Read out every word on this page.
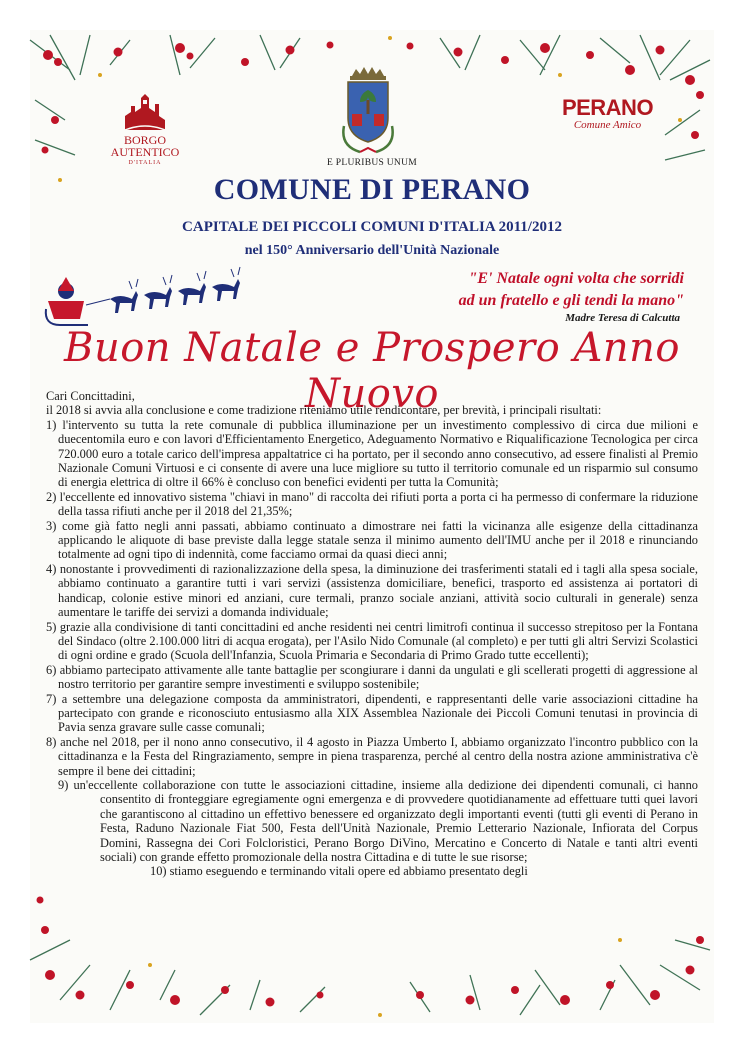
BORGO
AUTENTICO
D'ITALIA	E PLURIBUS UNUM
PERANO
Comune Amico
COMUNE DI PERANO
CAPITALE DEI PICCOLI COMUNI D'ITALIA 2011/2012
nel 150° Anniversario dell'Unità Nazionale
"E' Natale ogni volta che sorridi
ad un fratello e gli tendi la mano"
Madre Teresa di Calcutta
Buon Natale e Prospero Anno Nuovo

Cari Concittadini,

il 2018 si avvia alla conclusione e come tradizione riteniamo utile rendicontare, per brevità, i principali risultati:

1) l'intervento su tutta la rete comunale di pubblica illuminazione per un investimento complessivo di circa due milioni e duecentomila euro e con lavori d'Efficientamento Energetico, Adeguamento Normativo e Riqualificazione Tecnologica per circa 720.000 euro a totale carico dell'impresa appaltatrice ci ha portato, per il secondo anno consecutivo, ad essere finalisti al Premio Nazionale Comuni Virtuosi e ci consente di avere una luce migliore su tutto il territorio comunale ed un risparmio sul consumo di energia elettrica di oltre il 66% è concluso con benefici evidenti per tutta la Comunità;

2) l'eccellente ed innovativo sistema "chiavi in mano" di raccolta dei rifiuti porta a porta ci ha permesso di confermare la riduzione della tassa rifiuti anche per il 2018 del 21,35%;

3) come già fatto negli anni passati, abbiamo continuato a dimostrare nei fatti la vicinanza alle esigenze della cittadinanza applicando le aliquote di base previste dalla legge statale senza il minimo aumento dell'IMU anche per il 2018 e rinunciando totalmente ad ogni tipo di indennità, come facciamo ormai da quasi dieci anni;

4) nonostante i provvedimenti di razionalizzazione della spesa, la diminuzione dei trasferimenti statali ed i tagli alla spesa sociale, abbiamo continuato a garantire tutti i vari servizi (assistenza domiciliare, benefici, trasporto ed assistenza ai portatori di handicap, colonie estive minori ed anziani, cure termali, pranzo sociale anziani, attività socio culturali in generale) senza aumentare le tariffe dei servizi a domanda individuale;

5) grazie alla condivisione di tanti concittadini ed anche residenti nei centri limitrofi continua il successo strepitoso per la Fontana del Sindaco (oltre 2.100.000 litri di acqua erogata), per l'Asilo Nido Comunale (al completo) e per tutti gli altri Servizi Scolastici di ogni ordine e grado (Scuola dell'Infanzia, Scuola Primaria e Secondaria di Primo Grado tutte eccellenti);

6) abbiamo partecipato attivamente alle tante battaglie per scongiurare i danni da ungulati e gli scellerati progetti di aggressione al nostro territorio per garantire sempre investimenti e sviluppo sostenibile;

7) a settembre una delegazione composta da amministratori, dipendenti, e rappresentanti delle varie associazioni cittadine ha partecipato con grande e riconosciuto entusiasmo alla XIX Assemblea Nazionale dei Piccoli Comuni tenutasi in provincia di Pavia senza gravare sulle casse comunali;

8) anche nel 2018, per il nono anno consecutivo, il 4 agosto in Piazza Umberto I, abbiamo organizzato l'incontro pubblico con la cittadinanza e la Festa del Ringraziamento, sempre in piena trasparenza, perché al centro della nostra azione amministrativa c'è sempre il bene dei cittadini;

9) un'eccellente collaborazione con tutte le associazioni cittadine, insieme alla dedizione dei dipendenti comunali, ci hanno consentito di fronteggiare egregiamente ogni emergenza e di provvedere quotidianamente ad effettuare tutti quei lavori che garantiscono al cittadino un effettivo benessere ed organizzato degli importanti eventi (tutti gli eventi di Perano in Festa, Raduno Nazionale Fiat 500, Festa dell'Unità Nazionale, Premio Letterario Nazionale, Infiorata del Corpus Domini, Rassegna dei Cori Folcloristici, Perano Borgo DiVino, Mercatino e Concerto di Natale e tanti altri eventi sociali) con grande effetto promozionale della nostra Cittadina e di tutte le sue risorse;

10) stiamo eseguendo e terminando vitali opere ed abbiamo presentato degli
